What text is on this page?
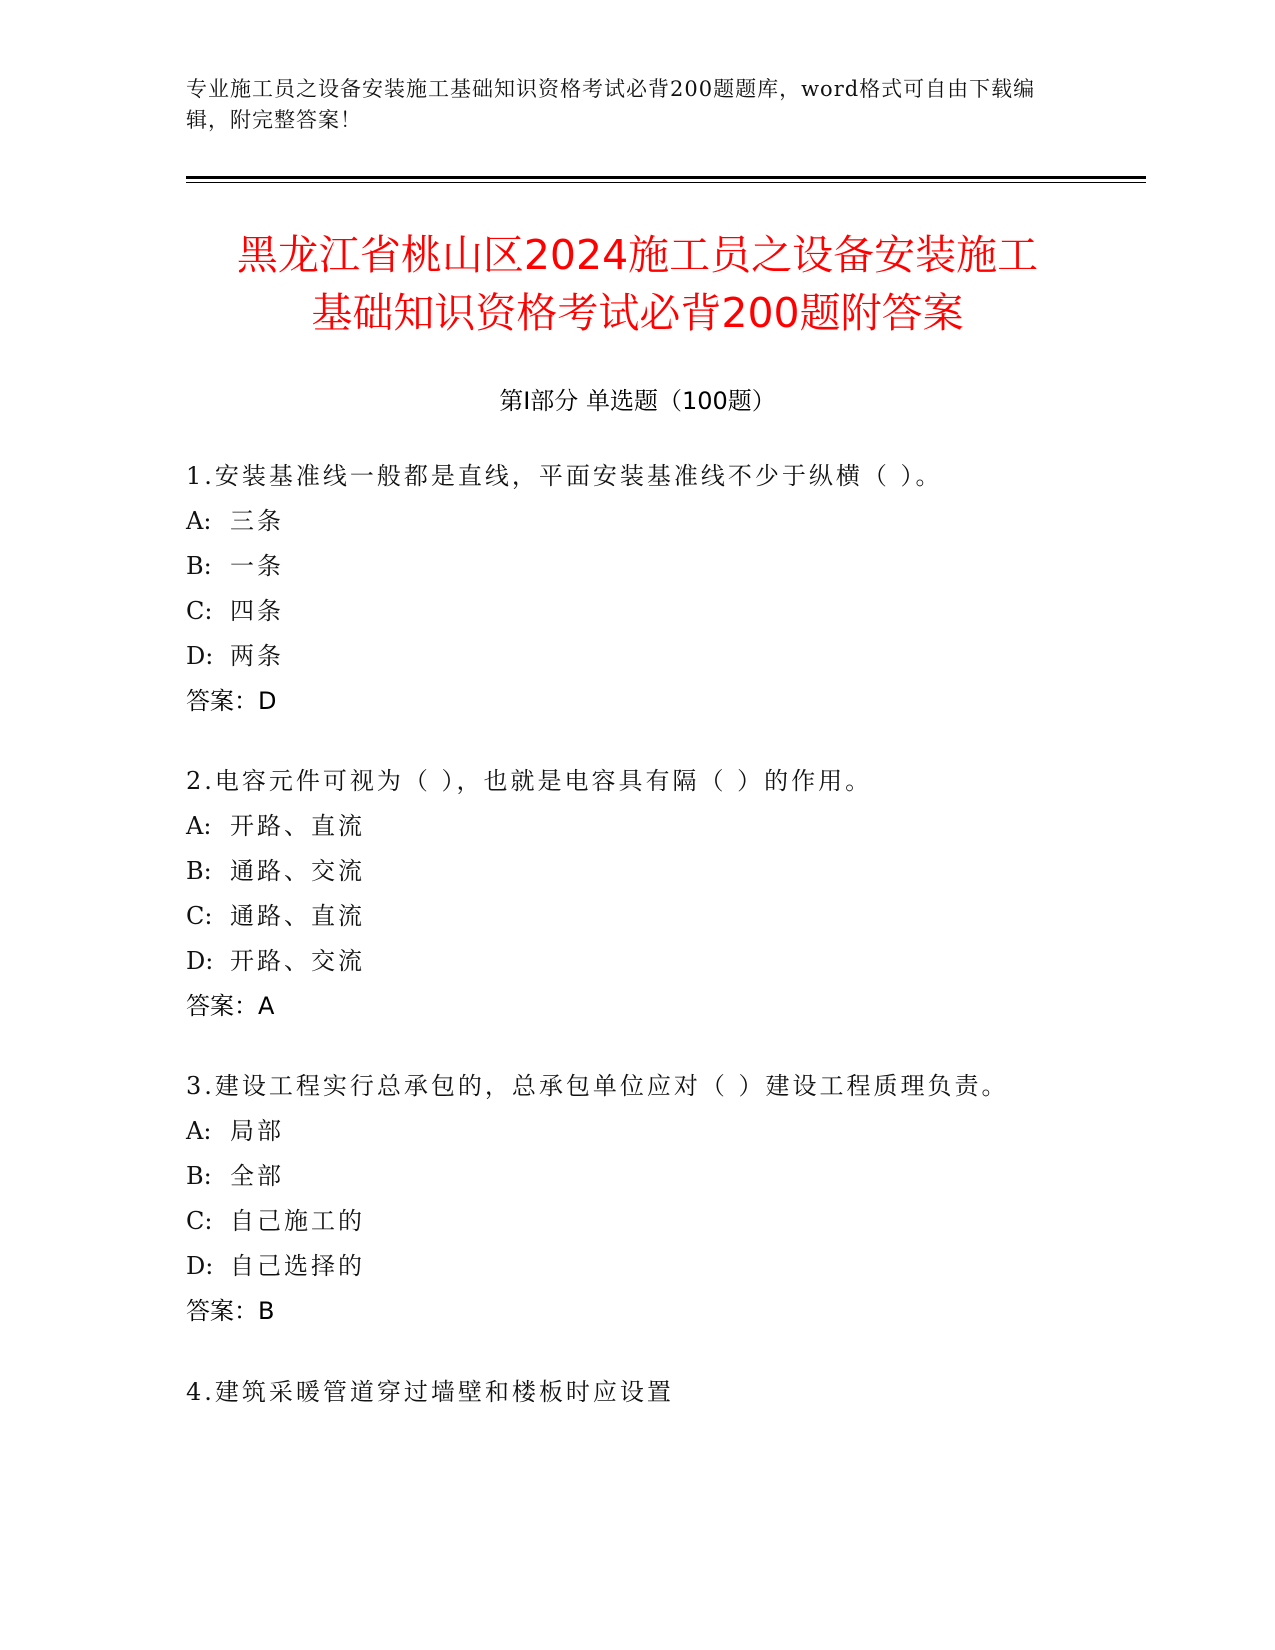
专业施工员之设备安装施工基础知识资格考试必背200题题库，word格式可自由下载编辑，附完整答案！
黑龙江省桃山区2024施工员之设备安装施工
基础知识资格考试必背200题附答案
第Ⅰ部分 单选题（100题）
1.安装基准线一般都是直线，平面安装基准线不少于纵横（ ）。
A: 三条
B: 一条
C: 四条
D: 两条
答案：D
2.电容元件可视为（ ），也就是电容具有隔（ ）的作用。
A: 开路、直流
B: 通路、交流
C: 通路、直流
D: 开路、交流
答案：A
3.建设工程实行总承包的，总承包单位应对（ ）建设工程质理负责。
A: 局部
B: 全部
C: 自己施工的
D: 自己选择的
答案：B
4.建筑采暖管道穿过墙壁和楼板时应设置
